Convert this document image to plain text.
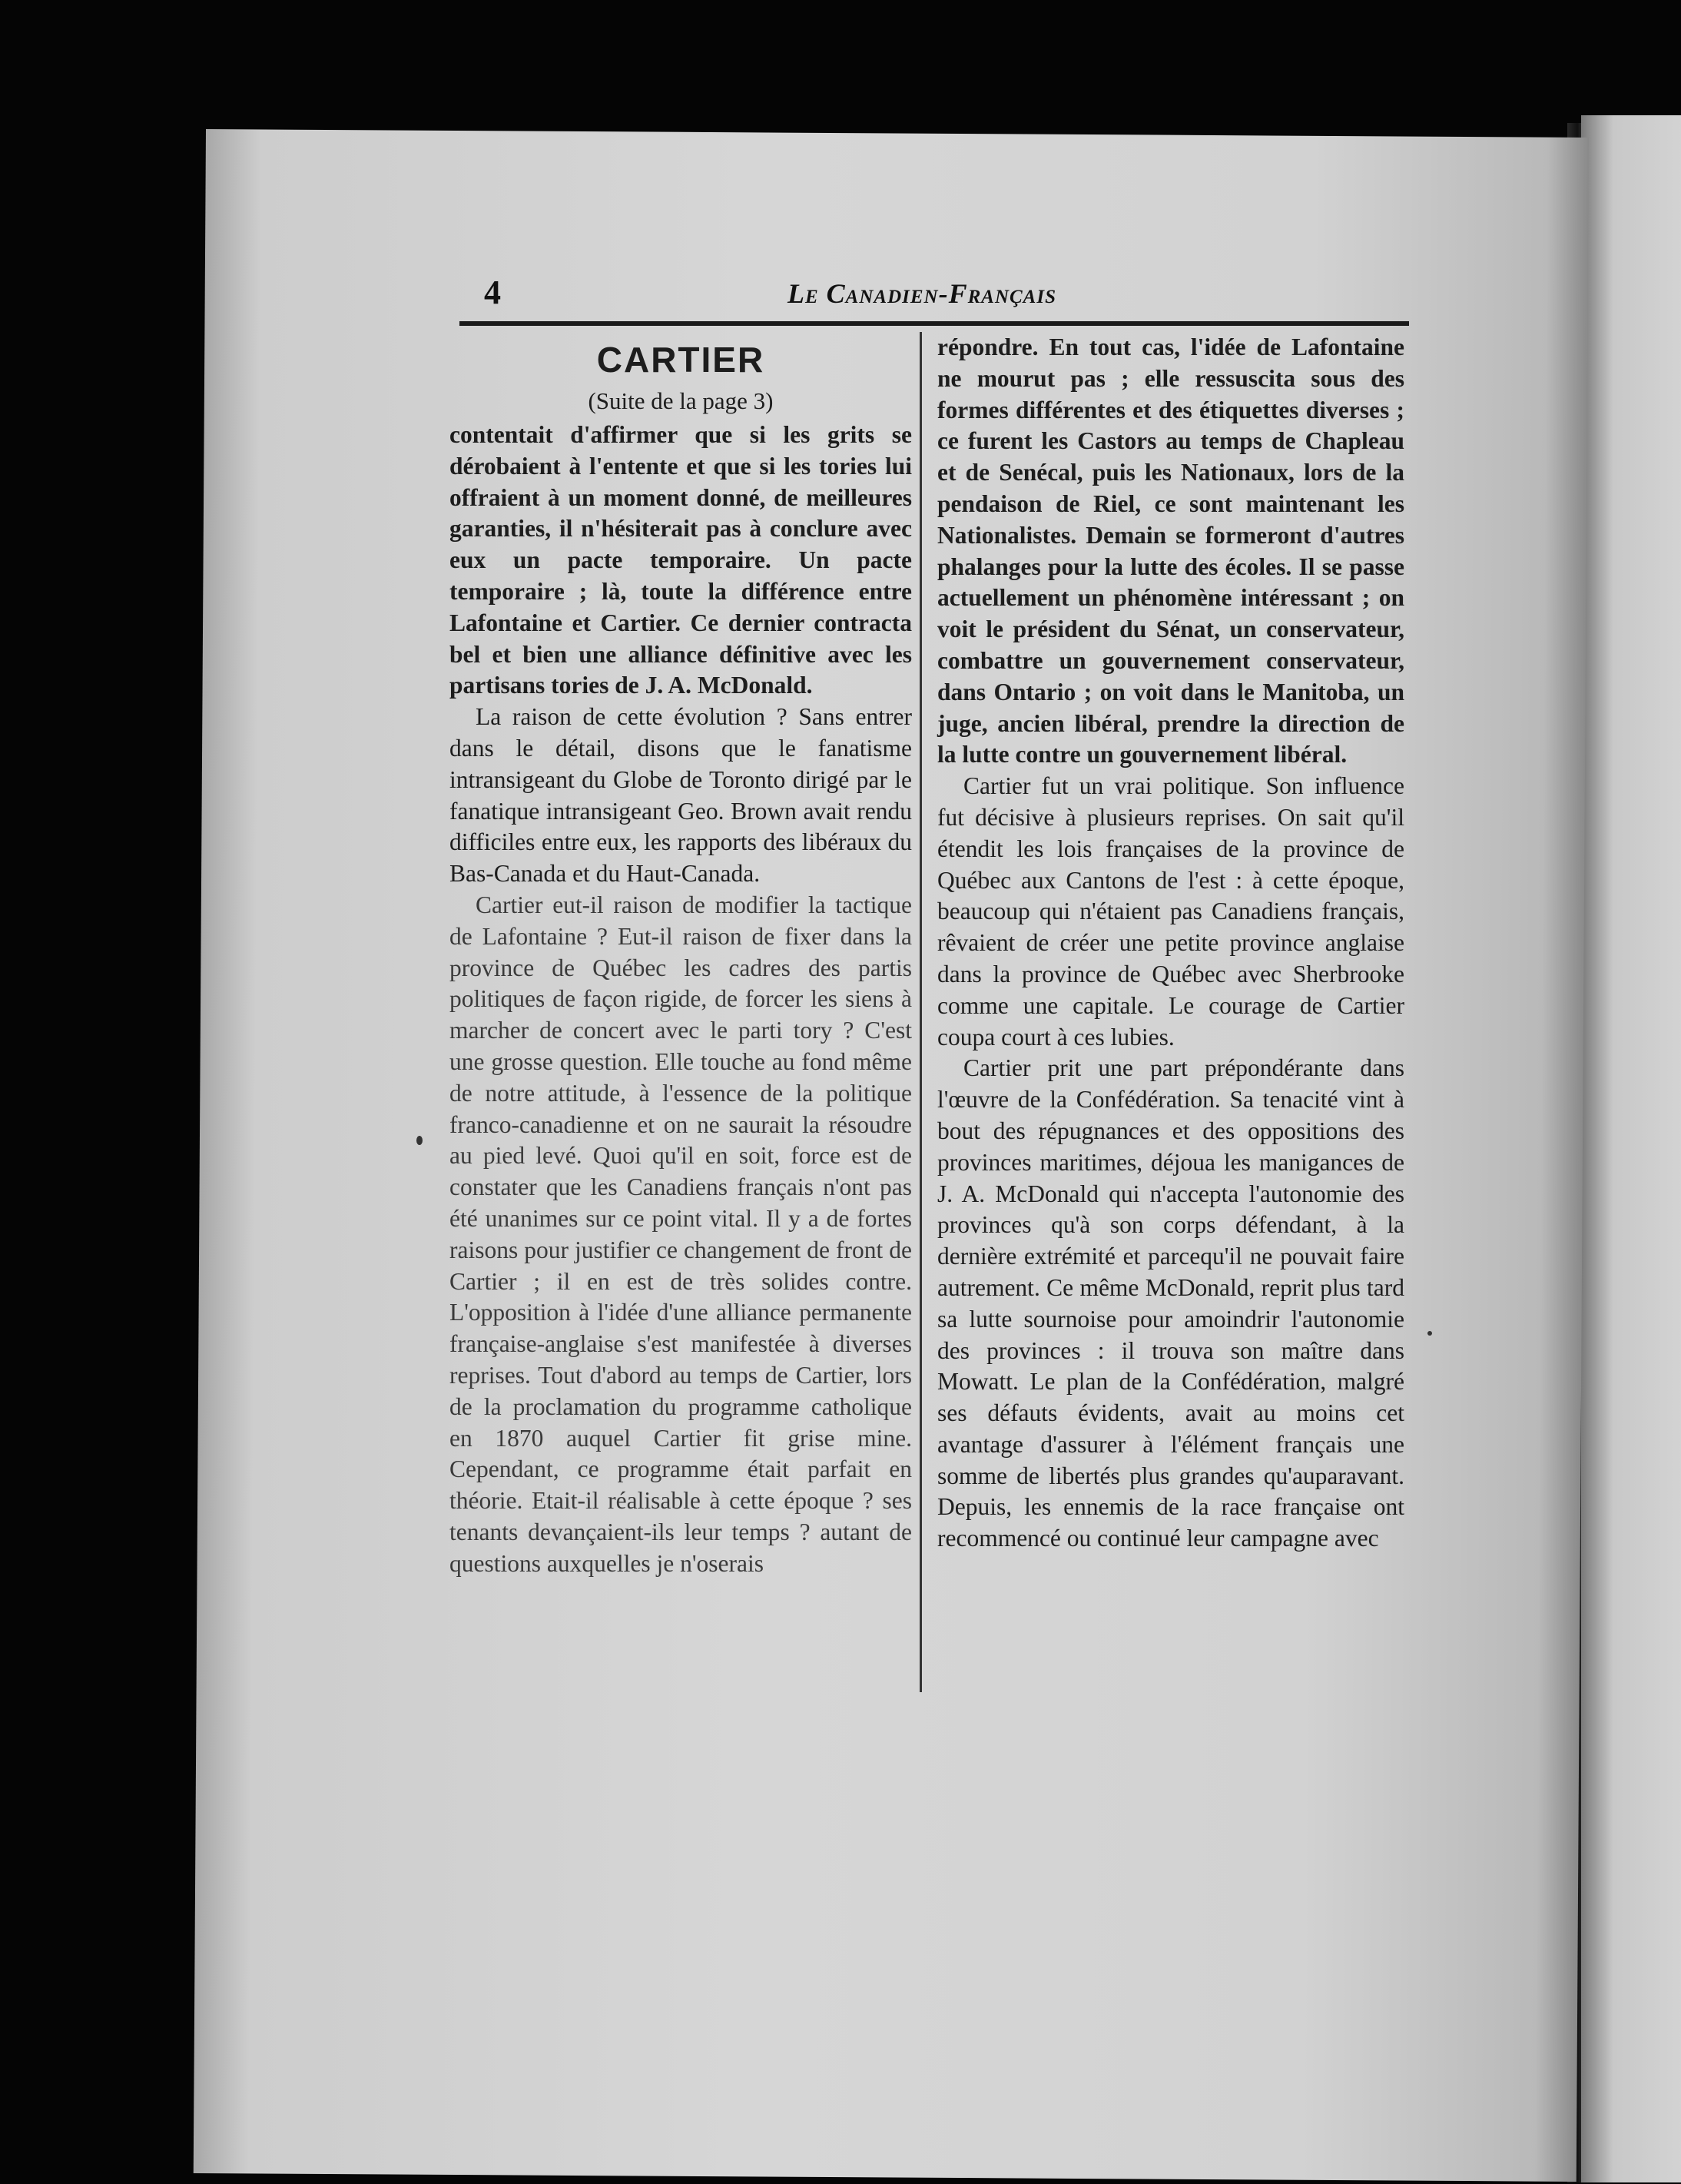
4	Le Canadien-Français
CARTIER
(Suite de la page 3)

contentait d'affirmer que si les grits se dérobaient à l'entente et que si les tories lui offraient à un moment donné, de meilleures garanties, il n'hésiterait pas à conclure avec eux un pacte temporaire. Un pacte temporaire ; là, toute la différence entre Lafontaine et Cartier. Ce dernier contracta bel et bien une alliance définitive avec les partisans tories de J. A. McDonald.

La raison de cette évolution ? Sans entrer dans le détail, disons que le fanatisme intransigeant du Globe de Toronto dirigé par le fanatique intransigeant Geo. Brown avait rendu difficiles entre eux, les rapports des libéraux du Bas-Canada et du Haut-Canada.

Cartier eut-il raison de modifier la tactique de Lafontaine ? Eut-il raison de fixer dans la province de Québec les cadres des partis politiques de façon rigide, de forcer les siens à marcher de concert avec le parti tory ? C'est une grosse question. Elle touche au fond même de notre attitude, à l'essence de la politique franco-canadienne et on ne saurait la résoudre au pied levé. Quoi qu'il en soit, force est de constater que les Canadiens français n'ont pas été unanimes sur ce point vital. Il y a de fortes raisons pour justifier ce changement de front de Cartier ; il en est de très solides contre. L'opposition à l'idée d'une alliance permanente française-anglaise s'est manifestée à diverses reprises. Tout d'abord au temps de Cartier, lors de la proclamation du programme catholique en 1870 auquel Cartier fit grise mine. Cependant, ce programme était parfait en théorie. Etait-il réalisable à cette époque ? ses tenants devançaient-ils leur temps ? autant de questions auxquelles je n'oserais

répondre. En tout cas, l'idée de Lafontaine ne mourut pas ; elle ressuscita sous des formes différentes et des étiquettes diverses ; ce furent les Castors au temps de Chapleau et de Senécal, puis les Nationaux, lors de la pendaison de Riel, ce sont maintenant les Nationalistes. Demain se formeront d'autres phalanges pour la lutte des écoles. Il se passe actuellement un phénomène intéressant ; on voit le président du Sénat, un conservateur, combattre un gouvernement conservateur, dans Ontario ; on voit dans le Manitoba, un juge, ancien libéral, prendre la direction de la lutte contre un gouvernement libéral.

Cartier fut un vrai politique. Son influence fut décisive à plusieurs reprises. On sait qu'il étendit les lois françaises de la province de Québec aux Cantons de l'est : à cette époque, beaucoup qui n'étaient pas Canadiens français, rêvaient de créer une petite province anglaise dans la province de Québec avec Sherbrooke comme une capitale. Le courage de Cartier coupa court à ces lubies.

Cartier prit une part prépondérante dans l'œuvre de la Confédération. Sa tenacité vint à bout des répugnances et des oppositions des provinces maritimes, déjoua les manigances de J. A. McDonald qui n'accepta l'autonomie des provinces qu'à son corps défendant, à la dernière extrémité et parcequ'il ne pouvait faire autrement. Ce même McDonald, reprit plus tard sa lutte sournoise pour amoindrir l'autonomie des provinces : il trouva son maître dans Mowatt. Le plan de la Confédération, malgré ses défauts évidents, avait au moins cet avantage d'assurer à l'élément français une somme de libertés plus grandes qu'auparavant. Depuis, les ennemis de la race française ont recommencé ou continué leur campagne avec
